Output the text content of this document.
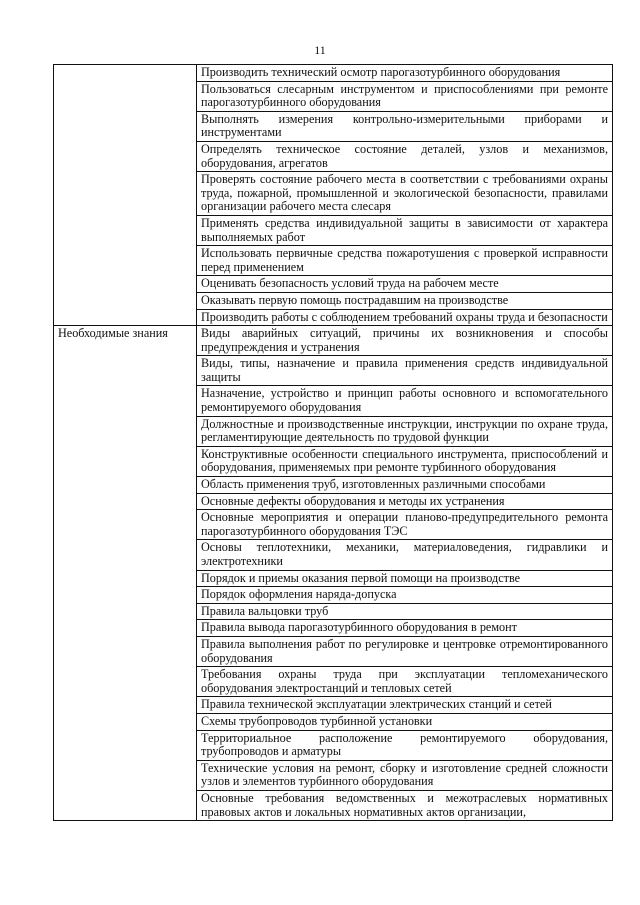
11
	Производить технический осмотр парогазотурбинного оборудования
	Пользоваться слесарным инструментом и приспособлениями при ремонте парогазотурбинного оборудования
	Выполнять измерения контрольно-измерительными приборами и инструментами
	Определять техническое состояние деталей, узлов и механизмов, оборудования, агрегатов
	Проверять состояние рабочего места в соответствии с требованиями охраны труда, пожарной, промышленной и экологической безопасности, правилами организации рабочего места слесаря
	Применять средства индивидуальной защиты в зависимости от характера выполняемых работ
	Использовать первичные средства пожаротушения с проверкой исправности перед применением
	Оценивать безопасность условий труда на рабочем месте
	Оказывать первую помощь пострадавшим на производстве
	Производить работы с соблюдением требований охраны труда и безопасности
Необходимые знания	Виды аварийных ситуаций, причины их возникновения и способы предупреждения и устранения
	Виды, типы, назначение и правила применения средств индивидуальной защиты
	Назначение, устройство и принцип работы основного и вспомогательного ремонтируемого оборудования
	Должностные и производственные инструкции, инструкции по охране труда, регламентирующие деятельность по трудовой функции
	Конструктивные особенности специального инструмента, приспособлений и оборудования, применяемых при ремонте турбинного оборудования
	Область применения труб, изготовленных различными способами
	Основные дефекты оборудования и методы их устранения
	Основные мероприятия и операции планово-предупредительного ремонта парогазотурбинного оборудования ТЭС
	Основы теплотехники, механики, материаловедения, гидравлики и электротехники
	Порядок и приемы оказания первой помощи на производстве
	Порядок оформления наряда-допуска
	Правила вальцовки труб
	Правила вывода парогазотурбинного оборудования в ремонт
	Правила выполнения работ по регулировке и центровке отремонтированного оборудования
	Требования охраны труда при эксплуатации тепломеханического оборудования электростанций и тепловых сетей
	Правила технической эксплуатации электрических станций и сетей
	Схемы трубопроводов турбинной установки
	Территориальное расположение ремонтируемого оборудования, трубопроводов и арматуры
	Технические условия на ремонт, сборку и изготовление средней сложности узлов и элементов турбинного оборудования
	Основные требования ведомственных и межотраслевых нормативных правовых актов и локальных нормативных актов организации,
